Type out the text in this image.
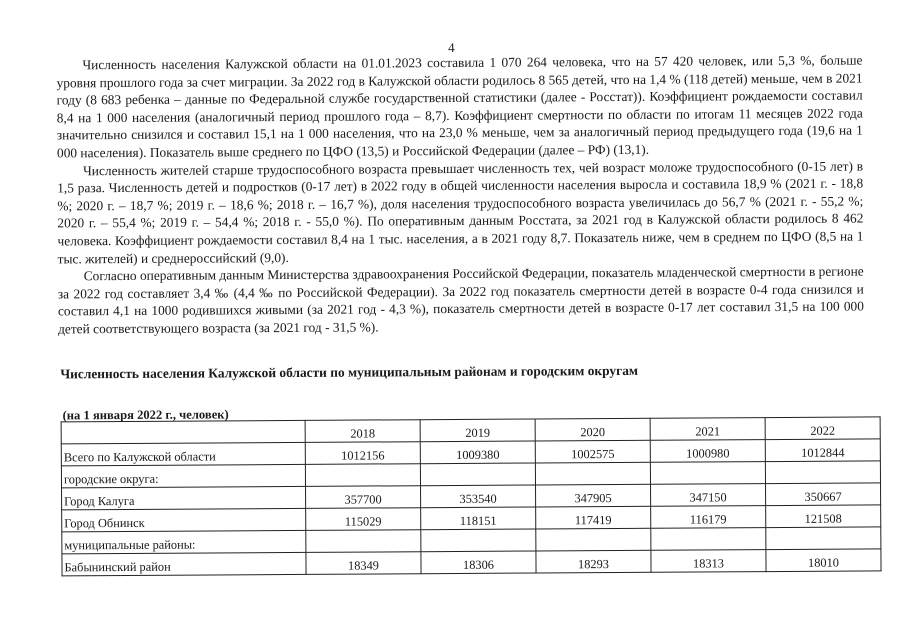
4

Численность населения Калужской области на 01.01.2023 составила 1 070 264 человека, что на 57 420 человек, или 5,3 %, больше уровня прошлого года за счет миграции. За 2022 год в Калужской области родилось 8 565 детей, что на 1,4 % (118 детей) меньше, чем в 2021 году (8 683 ребенка – данные по Федеральной службе государственной статистики (далее - Росстат)). Коэффициент рождаемости составил 8,4 на 1 000 населения (аналогичный период прошлого года – 8,7). Коэффициент смертности по области по итогам 11 месяцев 2022 года значительно снизился и составил 15,1 на 1 000 населения, что на 23,0 % меньше, чем за аналогичный период предыдущего года (19,6 на 1 000 населения). Показатель выше среднего по ЦФО (13,5) и Российской Федерации (далее – РФ) (13,1).

Численность жителей старше трудоспособного возраста превышает численность тех, чей возраст моложе трудоспособного (0-15 лет) в 1,5 раза. Численность детей и подростков (0-17 лет) в 2022 году в общей численности населения выросла и составила 18,9 % (2021 г. - 18,8 %; 2020 г. – 18,7 %; 2019 г. – 18,6 %; 2018 г. – 16,7 %), доля населения трудоспособного возраста увеличилась до 56,7 % (2021 г. - 55,2 %; 2020 г. – 55,4 %; 2019 г. – 54,4 %; 2018 г. - 55,0 %). По оперативным данным Росстата, за 2021 год в Калужской области родилось 8 462 человека. Коэффициент рождаемости составил 8,4 на 1 тыс. населения, а в 2021 году 8,7. Показатель ниже, чем в среднем по ЦФО (8,5 на 1 тыс. жителей) и среднероссийский (9,0).

Согласно оперативным данным Министерства здравоохранения Российской Федерации, показатель младенческой смертности в регионе за 2022 год составляет 3,4 ‰ (4,4 ‰ по Российской Федерации). За 2022 год показатель смертности детей в возрасте 0-4 года снизился и составил 4,1 на 1000 родившихся живыми (за 2021 год - 4,3 %), показатель смертности детей в возрасте 0-17 лет составил 31,5 на 100 000 детей соответствующего возраста (за 2021 год - 31,5 %).

Численность населения Калужской области по муниципальным районам и городским округам
(на 1 января 2022 г., человек)
	2018	2019	2020	2021	2022
Всего по Калужской области	1012156	1009380	1002575	1000980	1012844
городские округа:					
Город Калуга	357700	353540	347905	347150	350667
Город Обнинск	115029	118151	117419	116179	121508
муниципальные районы:					
Бабынинский район	18349	18306	18293	18313	18010
